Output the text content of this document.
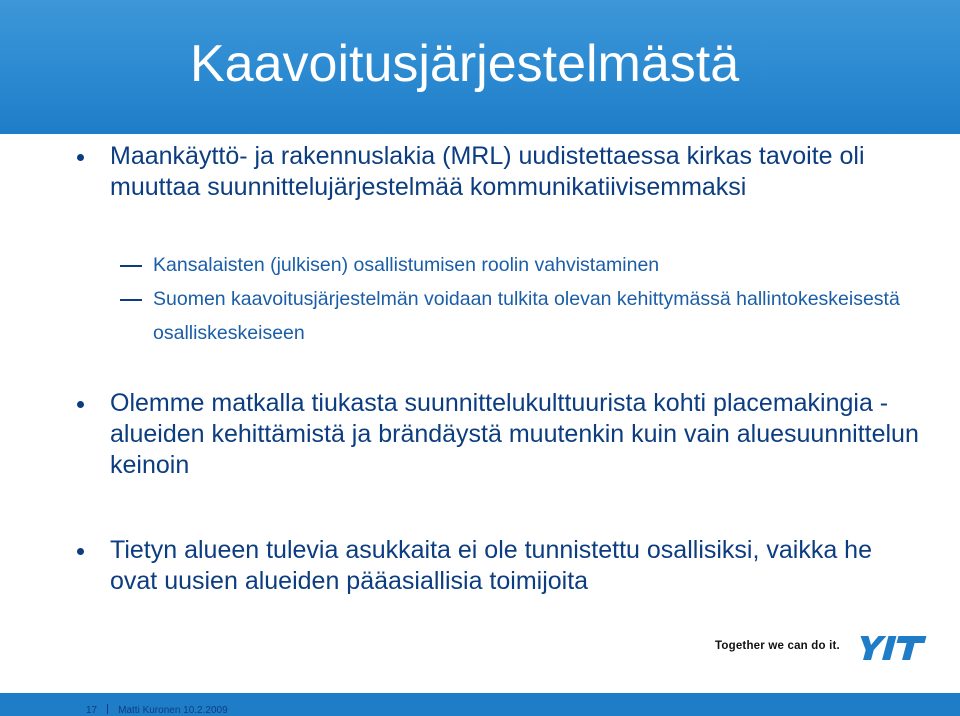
Kaavoitusjärjestelmästä

Maankäyttö- ja rakennuslakia (MRL) uudistettaessa kirkas tavoite oli muuttaa suunnittelujärjestelmää kommunikatiivisemmaksi

Kansalaisten (julkisen) osallistumisen roolin vahvistaminen

Suomen kaavoitusjärjestelmän voidaan tulkita olevan kehittymässä hallintokeskeisestä osalliskeskeiseen

Olemme matkalla tiukasta suunnittelukulttuurista kohti placemakingia - alueiden kehittämistä ja brändäystä muutenkin kuin vain aluesuunnittelun keinoin

Tietyn alueen tulevia asukkaita ei ole tunnistettu osallisiksi, vaikka he ovat uusien alueiden pääasiallisia toimijoita

Together we can do it.
17 Matti Kuronen 10.2.2009
